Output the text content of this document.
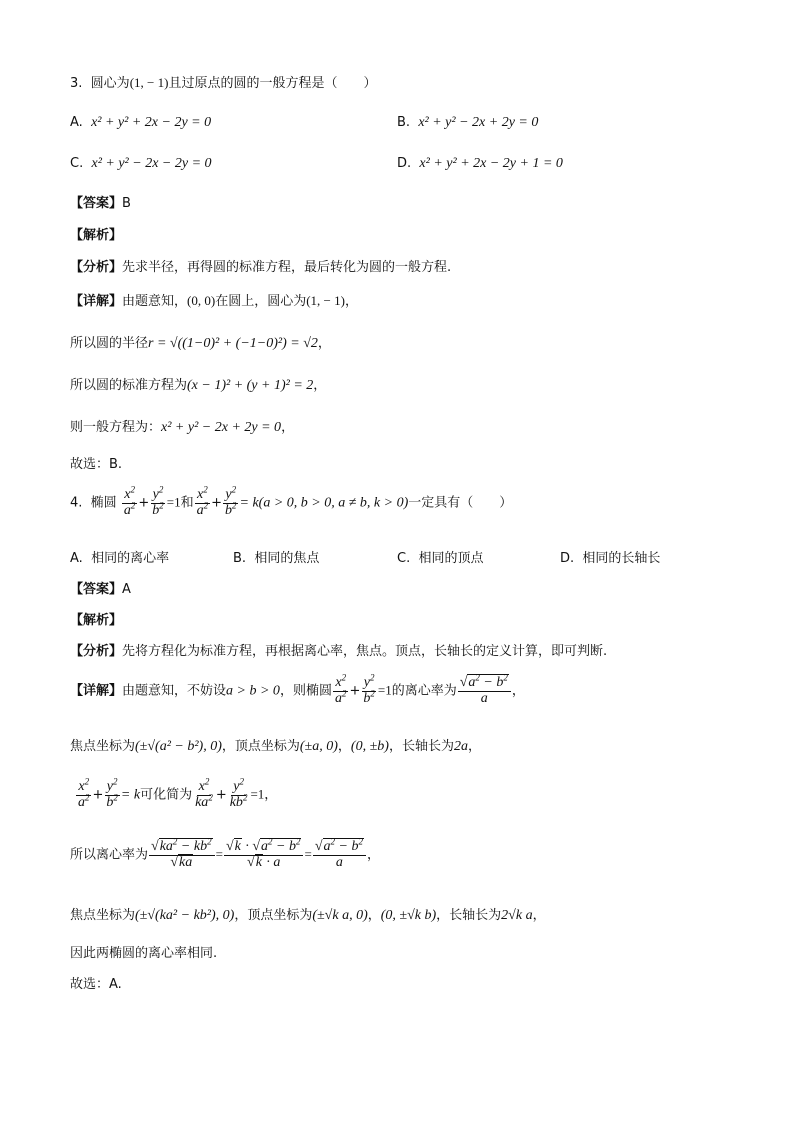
3. 圆心为(1, − 1)且过原点的圆的一般方程是（　　）
A. x² + y² + 2x − 2y = 0	B. x² + y² − 2x + 2y = 0
C. x² + y² − 2x − 2y = 0	D. x² + y² + 2x − 2y + 1 = 0
【答案】B
【解析】
【分析】先求半径，再得圆的标准方程，最后转化为圆的一般方程.
【详解】由题意知，(0, 0)在圆上，圆心为(1, − 1)，
所以圆的半径r = √((1−0)² + (−1−0)²) = √2，
所以圆的标准方程为(x − 1)² + (y + 1)² = 2，
则一般方程为：x² + y² − 2x + 2y = 0，
故选：B.
4. 椭圆 $\frac{x^2}{a^2} + \frac{y^2}{b^2} =1$和 $\frac{x^2}{a^2} + \frac{y^2}{b^2} = k(a > 0$, b > 0, a ≠ b, k > 0)一定具有（　　）
A. 相同的离心率	B. 相同的焦点	C. 相同的顶点	D. 相同的长轴长
【答案】A
【解析】
【分析】先将方程化为标准方程，再根据离心率，焦点。顶点，长轴长的定义计算，即可判断.
【详解】由题意知，不妨设a > b > 0，则椭圆 $\frac{x^2}{a^2} + \frac{y^2}{b^2} =1$的离心率为 $\frac{√a^2 - b^2}{a}$ ，
焦点坐标为(±√(a² − b²), 0)，顶点坐标为(±a, 0)，(0, ±b)，长轴长为2a，
$\frac{x^2}{a^2} + \frac{y^2}{b^2} = k$可化简为 $\frac{x^2}{ka^2} + \frac{y^2}{kb^2} =1$，
所以离心率为 $\frac{√ka^2 - kb^2}{√ka} = \frac{√k \cdot √a^2 - b^2}{√k \cdot a} = \frac{√a^2 - b^2}{a}$ ，
焦点坐标为(±√(ka² − kb²), 0)，顶点坐标为(±√k a, 0)，(0, ±√k b)，长轴长为2√k a，
因此两椭圆的离心率相同.
故选：A.
